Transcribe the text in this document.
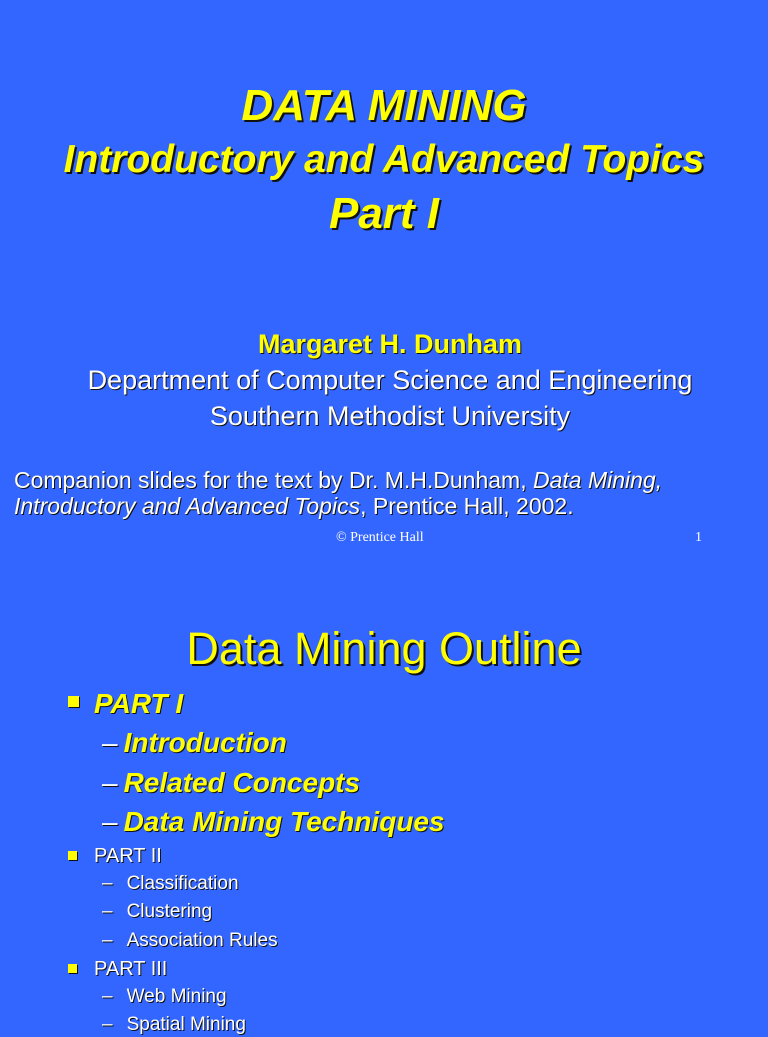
DATA MINING
Introductory and Advanced Topics
Part I
Margaret H. Dunham
Department of Computer Science and Engineering
Southern Methodist University
Companion slides for the text by Dr. M.H.Dunham, Data Mining,
Introductory and Advanced Topics, Prentice Hall, 2002.
© Prentice Hall	1
Data Mining Outline
PART I
– Introduction
– Related Concepts
– Data Mining Techniques
PART II
– Classification
– Clustering
– Association Rules
PART III
– Web Mining
– Spatial Mining
